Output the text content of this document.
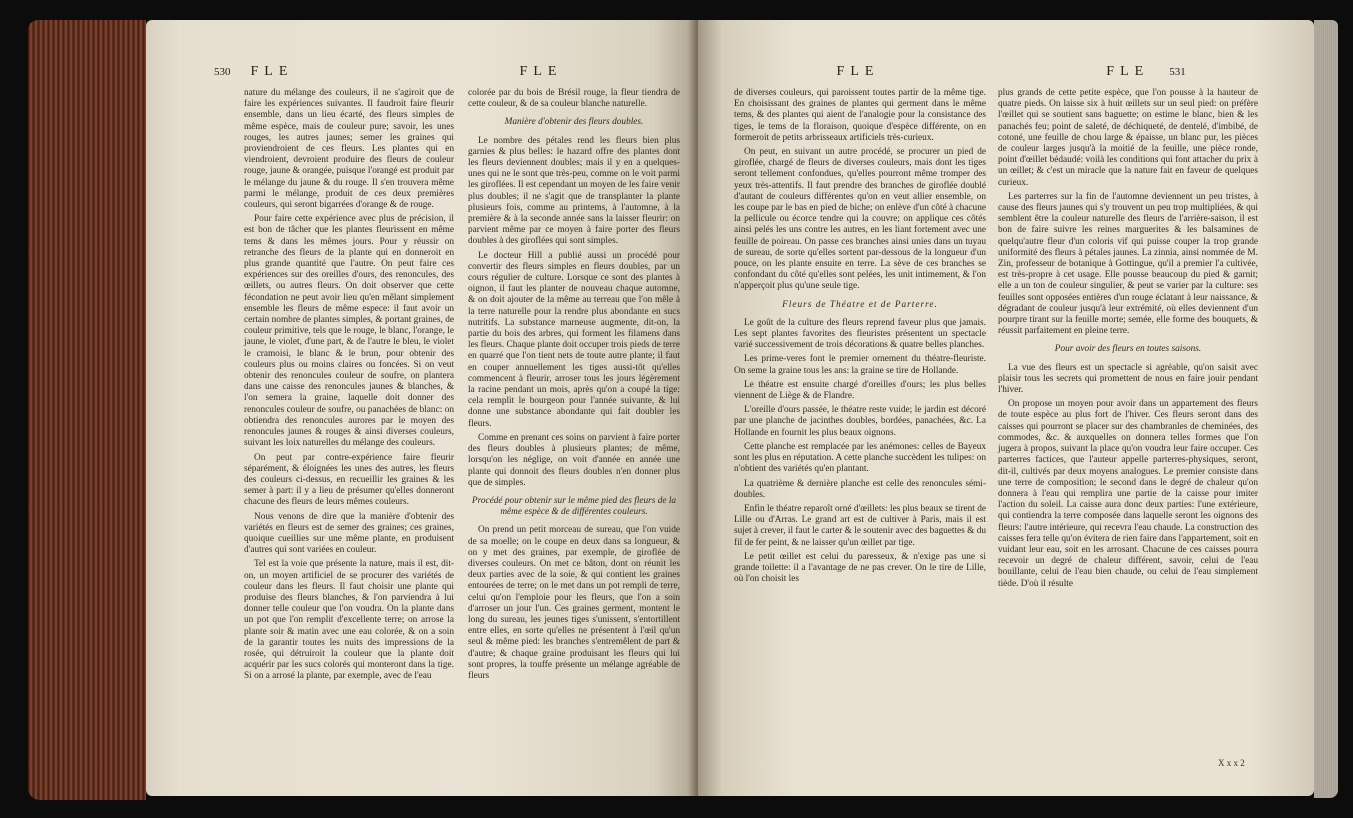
530 FLE	FLE

nature du mélange des couleurs, il ne s'agiroit que de faire les expériences suivantes. Il faudroit faire fleurir ensemble, dans un lieu écarté, des fleurs simples de même espèce, mais de couleur pure; savoir, les unes rouges, les autres jaunes; semer les graines qui proviendroient de ces fleurs. Les plantes qui en viendroient, devroient produire des fleurs de couleur rouge, jaune & orangée, puisque l'orangé est produit par le mélange du jaune & du rouge. Il s'en trouvera même parmi le mélange, produit de ces deux premières couleurs, qui seront bigarrées d'orange & de rouge.

Pour faire cette expérience avec plus de précision, il est bon de tâcher que les plantes fleurissent en même tems & dans les mêmes jours. Pour y réussir on retranche des fleurs de la plante qui en donneroit en plus grande quantité que l'autre. On peut faire ces expériences sur des oreilles d'ours, des renoncules, des œillets, ou autres fleurs. On doit observer que cette fécondation ne peut avoir lieu qu'en mêlant simplement ensemble les fleurs de même espece: il faut avoir un certain nombre de plantes simples, & portant graines, de couleur primitive, tels que le rouge, le blanc, l'orange, le jaune, le violet, d'une part, & de l'autre le bleu, le violet le cramoisi, le blanc & le brun, pour obtenir des couleurs plus ou moins claires ou foncées. Si on veut obtenir des renoncules couleur de soufre, on plantera dans une caisse des renoncules jaunes & blanches, & l'on semera la graine, laquelle doit donner des renoncules couleur de soufre, ou panachées de blanc: on obtiendra des renoncules aurores par le moyen des renoncules jaunes & rouges & ainsi diverses couleurs, suivant les loix naturelles du mélange des couleurs.

On peut par contre-expérience faire fleurir séparément, & éloignées les unes des autres, les fleurs des couleurs ci-dessus, en recueillir les graines & les semer à part: il y a lieu de présumer qu'elles donneront chacune des fleurs de leurs mêmes couleurs.

Nous venons de dire que la manière d'obtenir des variétés en fleurs est de semer des graines; ces graines, quoique cueillies sur une même plante, en produisent d'autres qui sont variées en couleur.

Tel est la voie que présente la nature, mais il est, dit-on, un moyen artificiel de se procurer des variétés de couleur dans les fleurs. Il faut choisir une plante qui produise des fleurs blanches, & l'on parviendra à lui donner telle couleur que l'on voudra. On la plante dans un pot que l'on remplit d'excellente terre; on arrose la plante soir & matin avec une eau colorée, & on a soin de la garantir toutes les nuits des impressions de la rosée, qui détruiroit la couleur que la plante doit acquérir par les sucs colorés qui monteront dans la tige. Si on a arrosé la plante, par exemple, avec de l'eau

colorée par du bois de Brésil rouge, la fleur tiendra de cette couleur, & de sa couleur blanche naturelle.

Manière d'obtenir des fleurs doubles.

Le nombre des pétales rend les fleurs bien plus garnies & plus belles: le hazard offre des plantes dont les fleurs deviennent doubles; mais il y en a quelques-unes qui ne le sont que très-peu, comme on le voit parmi les giroflées. Il est cependant un moyen de les faire venir plus doubles; il ne s'agit que de transplanter la plante plusieurs fois, comme au printems, à l'automne, à la première & à la seconde année sans la laisser fleurir: on parvient même par ce moyen à faire porter des fleurs doubles à des giroflées qui sont simples.

Le docteur Hill a publié aussi un procédé pour convertir des fleurs simples en fleurs doubles, par un cours régulier de culture. Lorsque ce sont des plantes à oignon, il faut les planter de nouveau chaque automne, & on doit ajouter de la même au terreau que l'on mêle à la terre naturelle pour la rendre plus abondante en sucs nutritifs. La substance marneuse augmente, dit-on, la partie du bois des arbres, qui forment les filamens dans les fleurs. Chaque plante doit occuper trois pieds de terre en quarré que l'on tient nets de toute autre plante; il faut en couper annuellement les tiges aussi-tôt qu'elles commencent à fleurir, arroser tous les jours légèrement la racine pendant un mois, après qu'on a coupé la tige: cela remplit le bourgeon pour l'année suivante, & lui donne une substance abondante qui fait doubler les fleurs.

Comme en prenant ces soins on parvient à faire porter des fleurs doubles à plusieurs plantes; de même, lorsqu'on les néglige, on voit d'année en année une plante qui donnoit des fleurs doubles n'en donner plus que de simples.

Procédé pour obtenir sur le même pied des fleurs de la même espèce & de différentes couleurs.

On prend un petit morceau de sureau, que l'on vuide de sa moelle; on le coupe en deux dans sa longueur, & on y met des graines, par exemple, de giroflée de diverses couleurs. On met ce bâton, dont on réunit les deux parties avec de la soie, & qui contient les graines entourées de terre; on le met dans un pot rempli de terre, celui qu'on l'emploie pour les fleurs, que l'on a soin d'arroser un jour l'un. Ces graines germent, montent le long du sureau, les jeunes tiges s'unissent, s'entortillent entre elles, en sorte qu'elles ne présentent à l'œil qu'un seul & même pied: les branches s'entremêlent de part & d'autre; & chaque graine produisant les fleurs qui lui sont propres, la touffe présente un mélange agréable de fleurs

FLE	FLE 531

de diverses couleurs, qui paroissent toutes partir de la même tige. En choisissant des graines de plantes qui germent dans le même tems, & des plantes qui aient de l'analogie pour la consistance des tiges, le tems de la floraison, quoique d'espèce différente, on en formeroit de petits arbrisseaux artificiels très-curieux.

On peut, en suivant un autre procédé, se procurer un pied de giroflée, chargé de fleurs de diverses couleurs, mais dont les tiges seront tellement confondues, qu'elles pourront même tromper des yeux très-attentifs. Il faut prendre des branches de giroflée doublé d'autant de couleurs différentes qu'on en veut allier ensemble, on les coupe par le bas en pied de biche; on enlève d'un côté à chacune la pellicule ou écorce tendre qui la couvre; on applique ces côtés ainsi pelés les uns contre les autres, en les liant fortement avec une feuille de poireau. On passe ces branches ainsi unies dans un tuyau de sureau, de sorte qu'elles sortent par-dessous de la longueur d'un pouce, on les plante ensuite en terre. La sève de ces branches se confondant du côté qu'elles sont pelées, les unit intimement, & l'on n'apperçoit plus qu'une seule tige.

Fleurs de Théatre et de Parterre.

Le goût de la culture des fleurs reprend faveur plus que jamais. Les sept plantes favorites des fleuristes présentent un spectacle varié successivement de trois décorations & quatre belles planches.

Les prime-veres font le premier ornement du théatre-fleuriste. On seme la graine tous les ans: la graine se tire de Hollande.

Le théatre est ensuite chargé d'oreilles d'ours; les plus belles viennent de Liège & de Flandre.

L'oreille d'ours passée, le théatre reste vuide; le jardin est décoré par une planche de jacinthes doubles, bordées, panachées, &c. La Hollande en fournit les plus beaux oignons.

Cette planche est remplacée par les anémones: celles de Bayeux sont les plus en réputation. A cette planche succèdent les tulipes: on n'obtient des variétés qu'en plantant.

La quatrième & dernière planche est celle des renoncules sémi-doubles.

Enfin le théatre reparoît orné d'œillets: les plus beaux se tirent de Lille ou d'Arras. Le grand art est de cultiver à Paris, mais il est sujet à crever, il faut le carter & le soutenir avec des baguettes & du fil de fer peint, & ne laisser qu'un œillet par tige.

Le petit œillet est celui du paresseux, & n'exige pas une si grande toilette: il a l'avantage de ne pas crever. On le tire de Lille, où l'on choisit les

plus grands de cette petite espèce, que l'on pousse à la hauteur de quatre pieds. On laisse six à huit œillets sur un seul pied: on préfère l'œillet qui se soutient sans baguette; on estime le blanc, bien & les panachés feu; point de saleté, de déchiqueté, de dentelé, d'imbibé, de cotoné, une feuille de chou large & épaisse, un blanc pur, les pièces de couleur larges jusqu'à la moitié de la feuille, une pièce ronde, point d'œillet bédaudé: voilà les conditions qui font attacher du prix à un œillet; & c'est un miracle que la nature fait en faveur de quelques curieux.

Les parterres sur la fin de l'automne deviennent un peu tristes, à cause des fleurs jaunes qui s'y trouvent un peu trop multipliées, & qui semblent être la couleur naturelle des fleurs de l'arrière-saison, il est bon de faire suivre les reines marguerites & les balsamines de quelqu'autre fleur d'un coloris vif qui puisse couper la trop grande uniformité des fleurs à pétales jaunes. La zinnia, ainsi nommée de M. Zin, professeur de botanique à Gottingue, qu'il a premier l'a cultivée, est très-propre à cet usage. Elle pousse beaucoup du pied & garnit; elle a un ton de couleur singulier, & peut se varier par la culture: ses feuilles sont opposées entières d'un rouge éclatant à leur naissance, & dégradant de couleur jusqu'à leur extrémité, où elles deviennent d'un pourpre tirant sur la feuille morte; semée, elle forme des bouquets, & réussit parfaitement en pleine terre.

Pour avoir des fleurs en toutes saisons.

La vue des fleurs est un spectacle si agréable, qu'on saisit avec plaisir tous les secrets qui promettent de nous en faire jouir pendant l'hiver.

On propose un moyen pour avoir dans un appartement des fleurs de toute espèce au plus fort de l'hiver. Ces fleurs seront dans des caisses qui pourront se placer sur des chambranles de cheminées, des commodes, &c. & auxquelles on donnera telles formes que l'on jugera à propos, suivant la place qu'on voudra leur faire occuper. Ces parterres factices, que l'auteur appelle parterres-physiques, seront, dit-il, cultivés par deux moyens analogues. Le premier consiste dans une terre de composition; le second dans le degré de chaleur qu'on donnera à l'eau qui remplira une partie de la caisse pour imiter l'action du soleil. La caisse aura donc deux parties: l'une extérieure, qui contiendra la terre composée dans laquelle seront les oignons des fleurs: l'autre intérieure, qui recevra l'eau chaude. La construction des caisses fera telle qu'on évitera de rien faire dans l'appartement, soit en vuidant leur eau, soit en les arrosant. Chacune de ces caisses pourra recevoir un degré de chaleur différent, savoir, celui de l'eau bouillante, celui de l'eau bien chaude, ou celui de l'eau simplement tiède. D'où il résulte

X x x 2
